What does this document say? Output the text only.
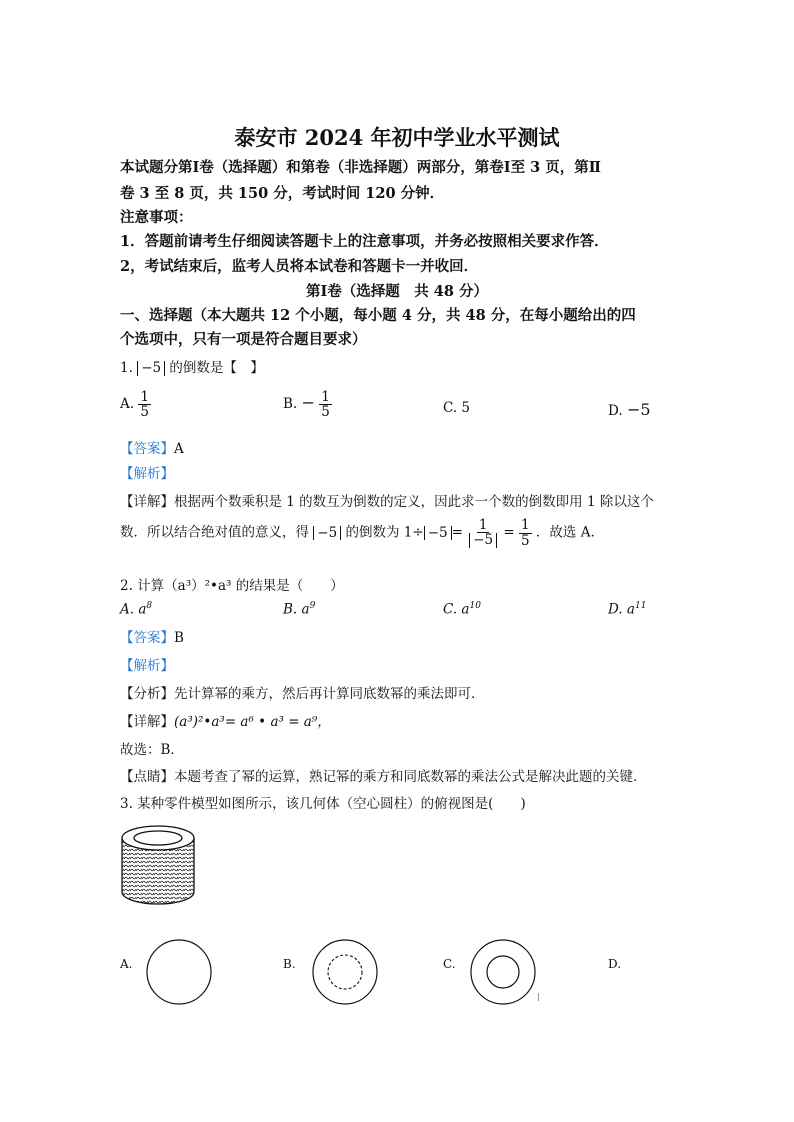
泰安市 2024 年初中学业水平测试
本试题分第Ⅰ卷（选择题）和第卷（非选择题）两部分，第卷Ⅰ至 3 页，第Ⅱ
卷 3 至 8 页，共 150 分，考试时间 120 分钟．
注意事项：
1．答题前请考生仔细阅读答题卡上的注意事项，并务必按照相关要求作答．
2，考试结束后，监考人员将本试卷和答题卡一并收回．
第Ⅰ卷（选择题　共 48 分）
一、选择题（本大题共 12 个小题，每小题 4 分，共 48 分，在每小题给出的四
个选项中，只有一项是符合题目要求）
1. −5 的倒数是【　】
A. $\frac{1}{5}$	B. − $\frac{1}{5}$	C. 5	D. −5
【答案】A
【解析】
【详解】根据两个数乘积是 1 的数互为倒数的定义，因此求一个数的倒数即用 1 除以这个
数．所以结合绝对值的意义，得 −5 的倒数为 $1\div -5 = \frac{1}{-5} = \frac{1}{5}$ ．故选 A.
2. 计算（a³）²•a³ 的结果是（　　）
A. $a^8$	B. $a^9$	C. $a^{10}$	D. $a^{11}$
【答案】B
【解析】
【分析】先计算幂的乘方，然后再计算同底数幂的乘法即可．
【详解】(a³)²•a³= a⁶ • a³ = a⁹，
故选：B．
【点睛】本题考查了幂的运算，熟记幂的乘方和同底数幂的乘法公式是解决此题的关键．
3. 某种零件模型如图所示，该几何体（空心圆柱）的俯视图是(　　)
A.	B.	C.	D.
